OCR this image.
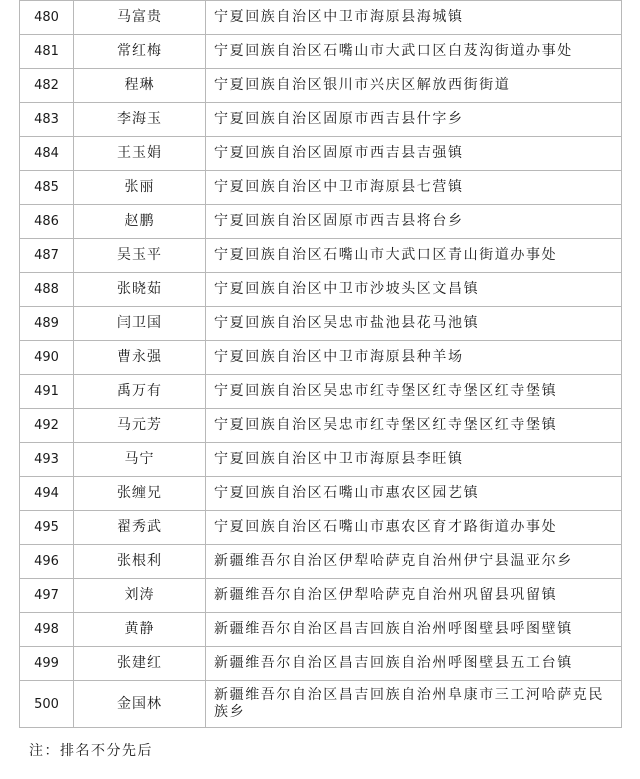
480	马富贵	宁夏回族自治区中卫市海原县海城镇
481	常红梅	宁夏回族自治区石嘴山市大武口区白芨沟街道办事处
482	程琳	宁夏回族自治区银川市兴庆区解放西街街道
483	李海玉	宁夏回族自治区固原市西吉县什字乡
484	王玉娟	宁夏回族自治区固原市西吉县吉强镇
485	张丽	宁夏回族自治区中卫市海原县七营镇
486	赵鹏	宁夏回族自治区固原市西吉县将台乡
487	吴玉平	宁夏回族自治区石嘴山市大武口区青山街道办事处
488	张晓茹	宁夏回族自治区中卫市沙坡头区文昌镇
489	闫卫国	宁夏回族自治区吴忠市盐池县花马池镇
490	曹永强	宁夏回族自治区中卫市海原县种羊场
491	禹万有	宁夏回族自治区吴忠市红寺堡区红寺堡区红寺堡镇
492	马元芳	宁夏回族自治区吴忠市红寺堡区红寺堡区红寺堡镇
493	马宁	宁夏回族自治区中卫市海原县李旺镇
494	张缠兄	宁夏回族自治区石嘴山市惠农区园艺镇
495	翟秀武	宁夏回族自治区石嘴山市惠农区育才路街道办事处
496	张根利	新疆维吾尔自治区伊犁哈萨克自治州伊宁县温亚尔乡
497	刘涛	新疆维吾尔自治区伊犁哈萨克自治州巩留县巩留镇
498	黄静	新疆维吾尔自治区昌吉回族自治州呼图壁县呼图壁镇
499	张建红	新疆维吾尔自治区昌吉回族自治州呼图壁县五工台镇
500	金国林	新疆维吾尔自治区昌吉回族自治州阜康市三工河哈萨克民族乡
注：排名不分先后
